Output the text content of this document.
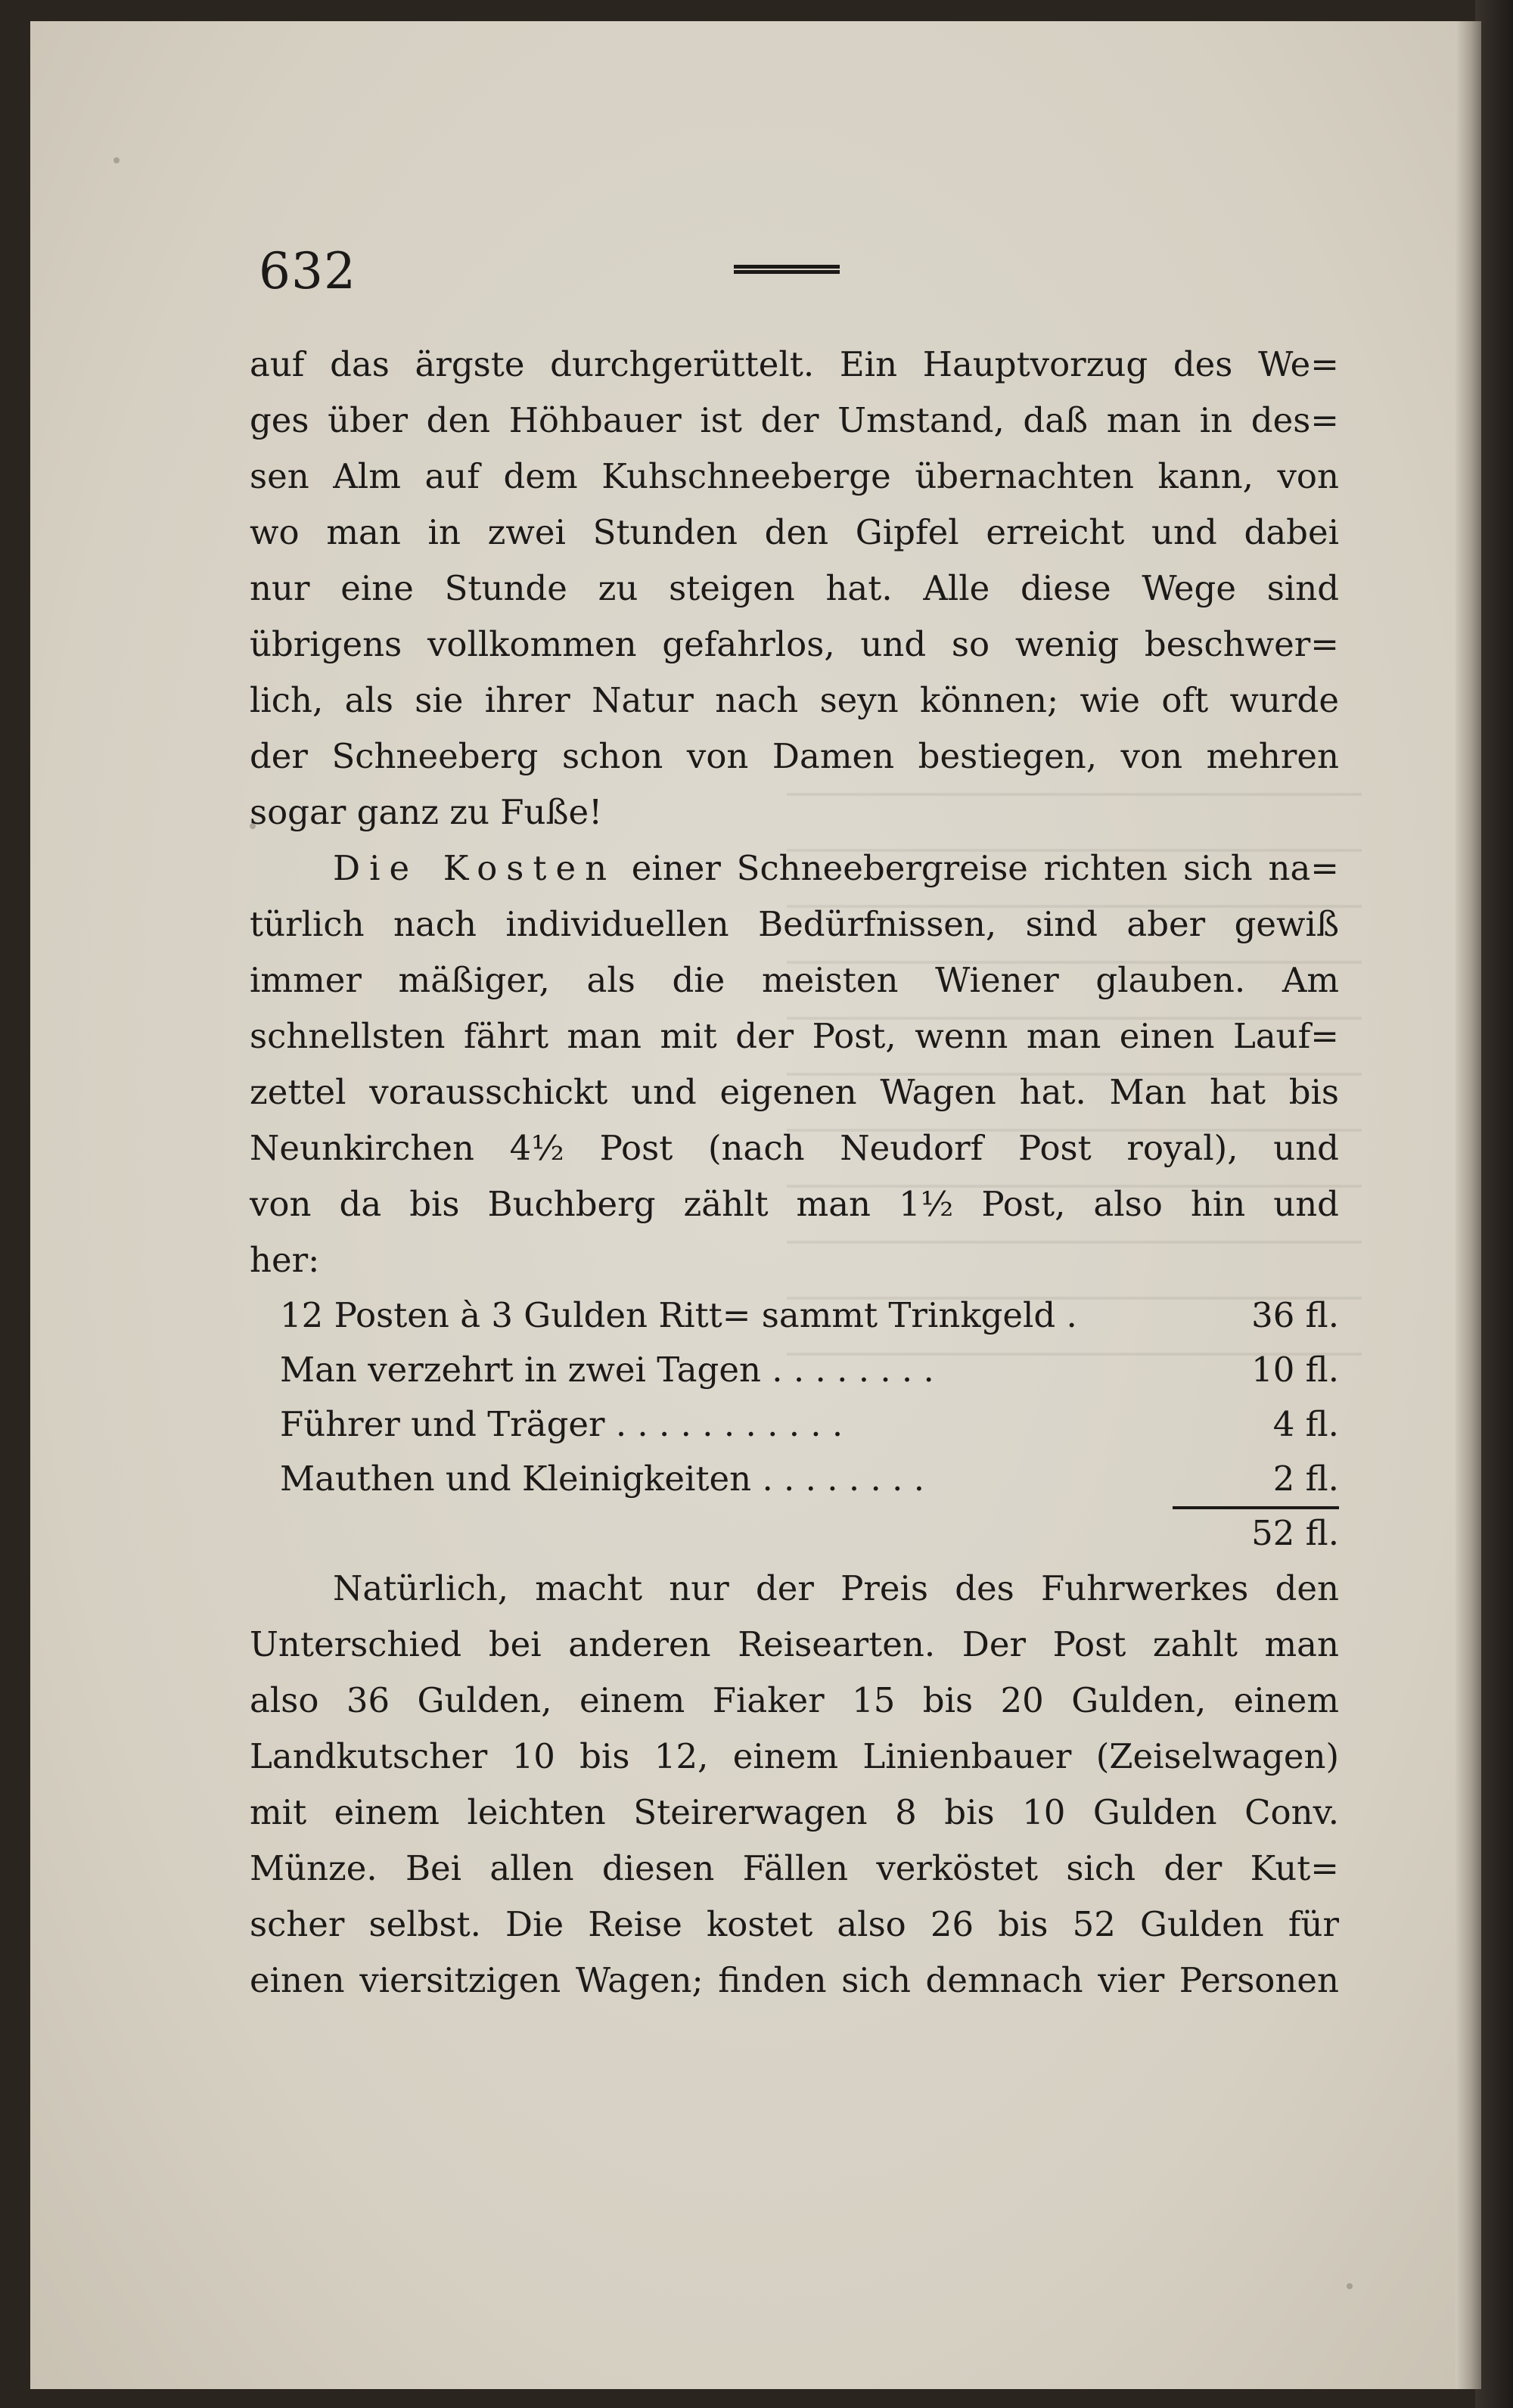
632
auf das ärgste durchgerüttelt. Ein Hauptvorzug des We=
ges über den Höhbauer ist der Umstand, daß man in des=
sen Alm auf dem Kuhschneeberge übernachten kann, von
wo man in zwei Stunden den Gipfel erreicht und dabei
nur eine Stunde zu steigen hat. Alle diese Wege sind
übrigens vollkommen gefahrlos, und so wenig beschwer=
lich, als sie ihrer Natur nach seyn können; wie oft wurde
der Schneeberg schon von Damen bestiegen, von mehren
sogar ganz zu Fuße!
Die Kosten einer Schneebergreise richten sich na=
türlich nach individuellen Bedürfnissen, sind aber gewiß
immer mäßiger, als die meisten Wiener glauben. Am
schnellsten fährt man mit der Post, wenn man einen Lauf=
zettel vorausschickt und eigenen Wagen hat. Man hat bis
Neunkirchen 4½ Post (nach Neudorf Post royal), und
von da bis Buchberg zählt man 1½ Post, also hin und
her:
12 Posten à 3 Gulden Ritt= sammt Trinkgeld .	36 fl.
Man verzehrt in zwei Tagen . . . . . . . .	10 fl.
Führer und Träger . . . . . . . . . . .	4 fl.
Mauthen und Kleinigkeiten . . . . . . . .	2 fl.
52 fl.
Natürlich, macht nur der Preis des Fuhrwerkes den
Unterschied bei anderen Reisearten. Der Post zahlt man
also 36 Gulden, einem Fiaker 15 bis 20 Gulden, einem
Landkutscher 10 bis 12, einem Linienbauer (Zeiselwagen)
mit einem leichten Steirerwagen 8 bis 10 Gulden Conv.
Münze. Bei allen diesen Fällen verköstet sich der Kut=
scher selbst. Die Reise kostet also 26 bis 52 Gulden für
einen viersitzigen Wagen; finden sich demnach vier Personen
